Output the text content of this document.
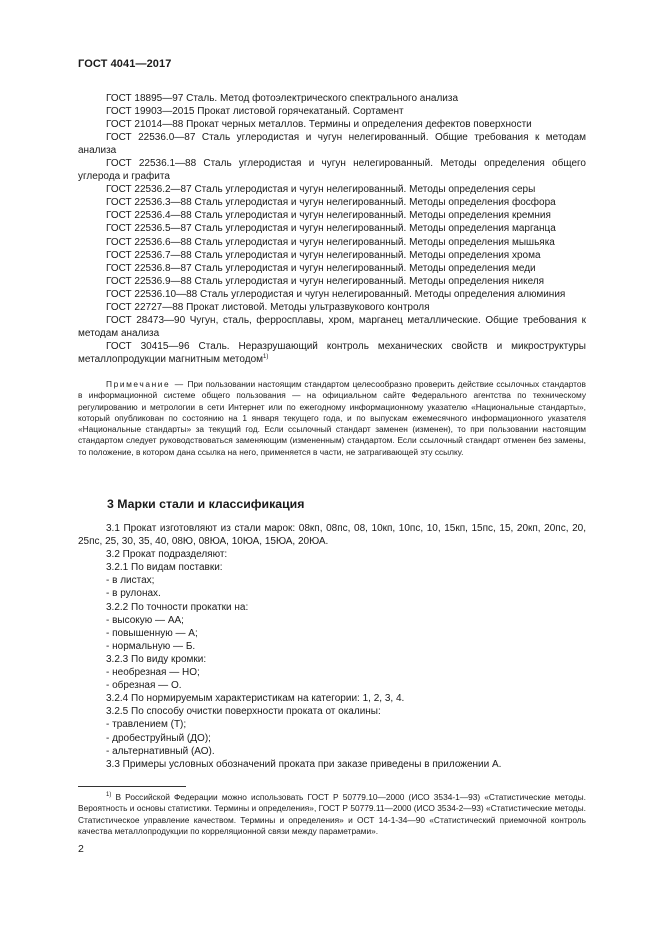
ГОСТ 4041—2017

ГОСТ 18895—97 Сталь. Метод фотоэлектрического спектрального анализа

ГОСТ 19903—2015 Прокат листовой горячекатаный. Сортамент

ГОСТ 21014—88 Прокат черных металлов. Термины и определения дефектов поверхности

ГОСТ 22536.0—87 Сталь углеродистая и чугун нелегированный. Общие требования к методам анализа

ГОСТ 22536.1—88 Сталь углеродистая и чугун нелегированный. Методы определения общего углерода и графита

ГОСТ 22536.2—87 Сталь углеродистая и чугун нелегированный. Методы определения серы

ГОСТ 22536.3—88 Сталь углеродистая и чугун нелегированный. Методы определения фосфора

ГОСТ 22536.4—88 Сталь углеродистая и чугун нелегированный. Методы определения кремния

ГОСТ 22536.5—87 Сталь углеродистая и чугун нелегированный. Методы определения марганца

ГОСТ 22536.6—88 Сталь углеродистая и чугун нелегированный. Методы определения мышьяка

ГОСТ 22536.7—88 Сталь углеродистая и чугун нелегированный. Методы определения хрома

ГОСТ 22536.8—87 Сталь углеродистая и чугун нелегированный. Методы определения меди

ГОСТ 22536.9—88 Сталь углеродистая и чугун нелегированный. Методы определения никеля

ГОСТ 22536.10—88 Сталь углеродистая и чугун нелегированный. Методы определения алюминия

ГОСТ 22727—88 Прокат листовой. Методы ультразвукового контроля

ГОСТ 28473—90 Чугун, сталь, ферросплавы, хром, марганец металлические. Общие требования к методам анализа

ГОСТ 30415—96 Сталь. Неразрушающий контроль механических свойств и микроструктуры металлопродукции магнитным методом$^{1)}$

Примечание — При пользовании настоящим стандартом целесообразно проверить действие ссылочных стандартов в информационной системе общего пользования — на официальном сайте Федерального агентства по техническому регулированию и метрологии в сети Интернет или по ежегодному информационному указателю «Национальные стандарты», который опубликован по состоянию на 1 января текущего года, и по выпускам ежемесячного информационного указателя «Национальные стандарты» за текущий год. Если ссылочный стандарт заменен (изменен), то при пользовании настоящим стандартом следует руководствоваться заменяющим (измененным) стандартом. Если ссылочный стандарт отменен без замены, то положение, в котором дана ссылка на него, применяется в части, не затрагивающей эту ссылку.

3 Марки стали и классификация

3.1 Прокат изготовляют из стали марок: 08кп, 08пс, 08, 10кп, 10пс, 10, 15кп, 15пс, 15, 20кп, 20пс, 20, 25пс, 25, 30, 35, 40, 08Ю, 08ЮА, 10ЮА, 15ЮА, 20ЮА.

3.2 Прокат подразделяют:

3.2.1 По видам поставки:

- в листах;

- в рулонах.

3.2.2 По точности прокатки на:

- высокую — АА;

- повышенную — А;

- нормальную — Б.

3.2.3 По виду кромки:

- необрезная — НО;

- обрезная — О.

3.2.4 По нормируемым характеристикам на категории: 1, 2, 3, 4.

3.2.5 По способу очистки поверхности проката от окалины:

- травлением (Т);

- дробеструйный (ДО);

- альтернативный (АО).

3.3 Примеры условных обозначений проката при заказе приведены в приложении А.

$^{1)}$ В Российской Федерации можно использовать ГОСТ Р 50779.10—2000 (ИСО 3534-1—93) «Статистические методы. Вероятность и основы статистики. Термины и определения», ГОСТ Р 50779.11—2000 (ИСО 3534-2—93) «Статистические методы. Статистическое управление качеством. Термины и определения» и ОСТ 14-1-34—90 «Статистический приемочной контроль качества металлопродукции по корреляционной связи между параметрами».

2
